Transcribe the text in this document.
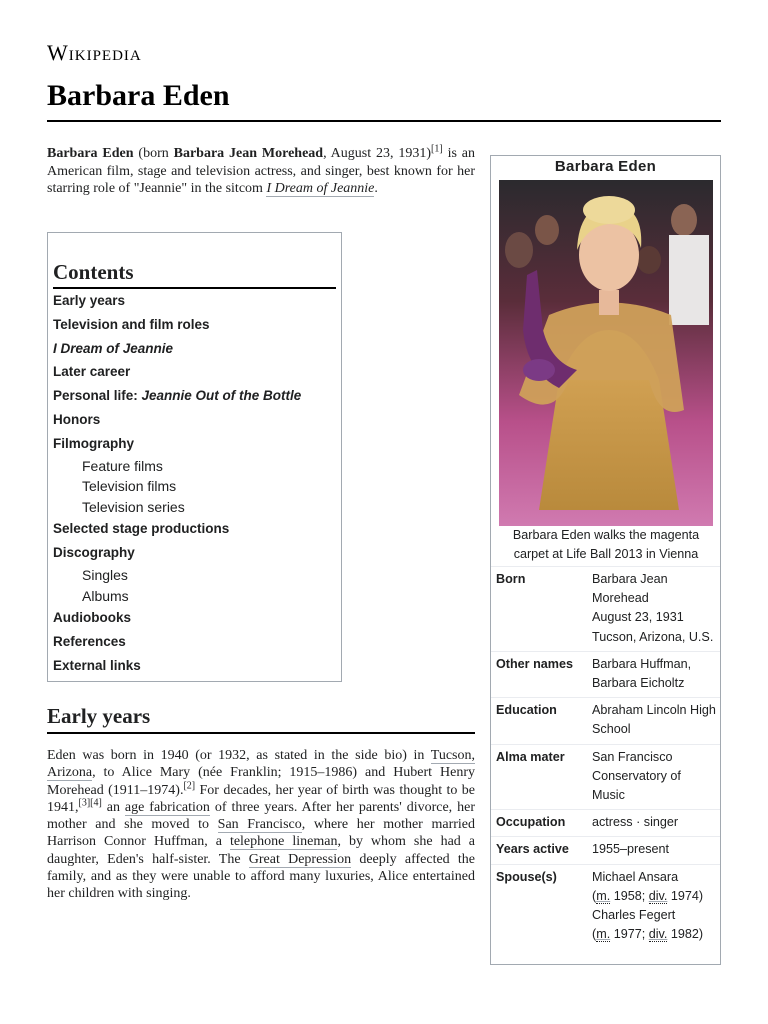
Wikipedia
Barbara Eden

Barbara Eden (born Barbara Jean Morehead, August 23, 1931)[1] is an American film, stage and television actress, and singer, best known for her starring role of "Jeannie" in the sitcom I Dream of Jeannie.

Contents
Early years
Television and film roles
I Dream of Jeannie
Later career
Personal life: Jeannie Out of the Bottle
Honors
Filmography
Feature films
Television films
Television series
Selected stage productions
Discography
Singles
Albums
Audiobooks
References
External links
Early years

Eden was born in 1940 (or 1932, as stated in the side bio) in Tucson, Arizona, to Alice Mary (née Franklin; 1915–1986) and Hubert Henry Morehead (1911–1974).[2] For decades, her year of birth was thought to be 1941,[3][4] an age fabrication of three years. After her parents' divorce, her mother and she moved to San Francisco, where her mother married Harrison Connor Huffman, a telephone lineman, by whom she had a daughter, Eden's half-sister. The Great Depression deeply affected the family, and as they were unable to afford many luxuries, Alice entertained her children with singing.

Barbara Eden
Barbara Eden walks the magenta carpet at Life Ball 2013 in Vienna
Born	Barbara Jean Morehead
August 23, 1931
Tucson, Arizona, U.S.

Other names	Barbara Huffman,
Barbara Eicholtz

Education	Abraham Lincoln High School
Alma mater	San Francisco Conservatory of Music
Occupation	actress · singer
Years active	1955–present
Spouse(s)	Michael Ansara
(m. 1958; div. 1974)
Charles Fegert
(m. 1977; div. 1982)
